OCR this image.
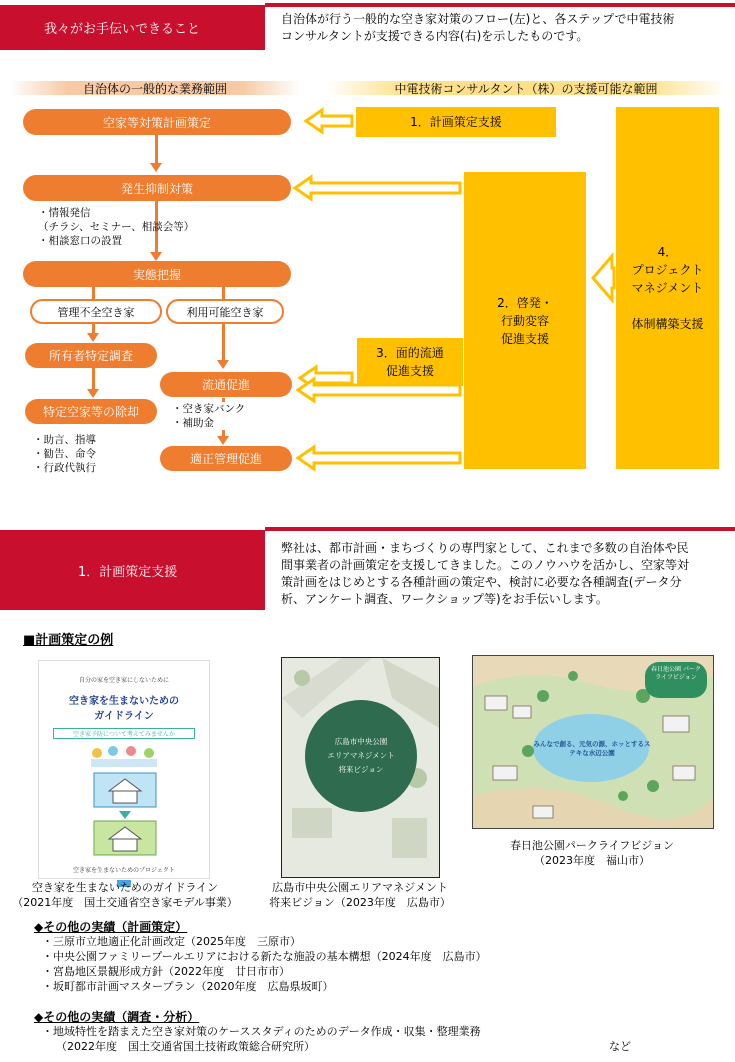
我々がお手伝いできること
自治体が行う一般的な空き家対策のフロー(左)と、各ステップで中電技術
コンサルタントが支援できる内容(右)を示したものです。
自治体の一般的な業務範囲	中電技術コンサルタント（株）の支援可能な範囲
空家等対策計画策定
発生抑制対策
・情報発信
（チラシ、セミナー、相談会等）
・相談窓口の設置
実態把握
管理不全空き家	利用可能空き家
所有者特定調査
特定空家等の除却
・助言、指導
・勧告、命令
・行政代執行
流通促進
・空き家バンク
・補助金
適正管理促進
1．計画策定支援
2．啓発・
行動変容
促進支援
3．面的流通
促進支援
4．
プロジェクト
マネジメント
体制構築支援
1．計画策定支援
弊社は、都市計画・まちづくりの専門家として、これまで多数の自治体や民
間事業者の計画策定を支援してきました。このノウハウを活かし、空家等対
策計画をはじめとする各種計画の策定や、検討に必要な各種調査(データ分
析、アンケート調査、ワークショップ等)をお手伝いします。
■計画策定の例
自分の家を空き家にしないために
空き家を生まないための
ガイドライン
空き家予防について考えてみませんか
空き家を生まないためのプロジェクト
空き家を生まないためのガイドライン
（2021年度　国土交通省空き家モデル事業）
広島市中央公園
エリアマネジメント
将来ビジョン
広島市中央公園エリアマネジメント
将来ビジョン（2023年度　広島市）
春日池公園 パークライフビジョン
みんなで創る、元気の源、ホッとするステキな水辺公園
春日池公園パークライフビジョン
（2023年度　福山市）
◆その他の実績（計画策定）
・三原市立地適正化計画改定（2025年度　三原市）
・中央公園ファミリープールエリアにおける新たな施設の基本構想（2024年度　広島市）
・宮島地区景観形成方針（2022年度　廿日市市）
・坂町都市計画マスタープラン（2020年度　広島県坂町）
◆その他の実績（調査・分析）
・地域特性を踏まえた空き家対策のケーススタディのためのデータ作成・収集・整理業務
（2022年度　国土交通省国土技術政策総合研究所）	など
